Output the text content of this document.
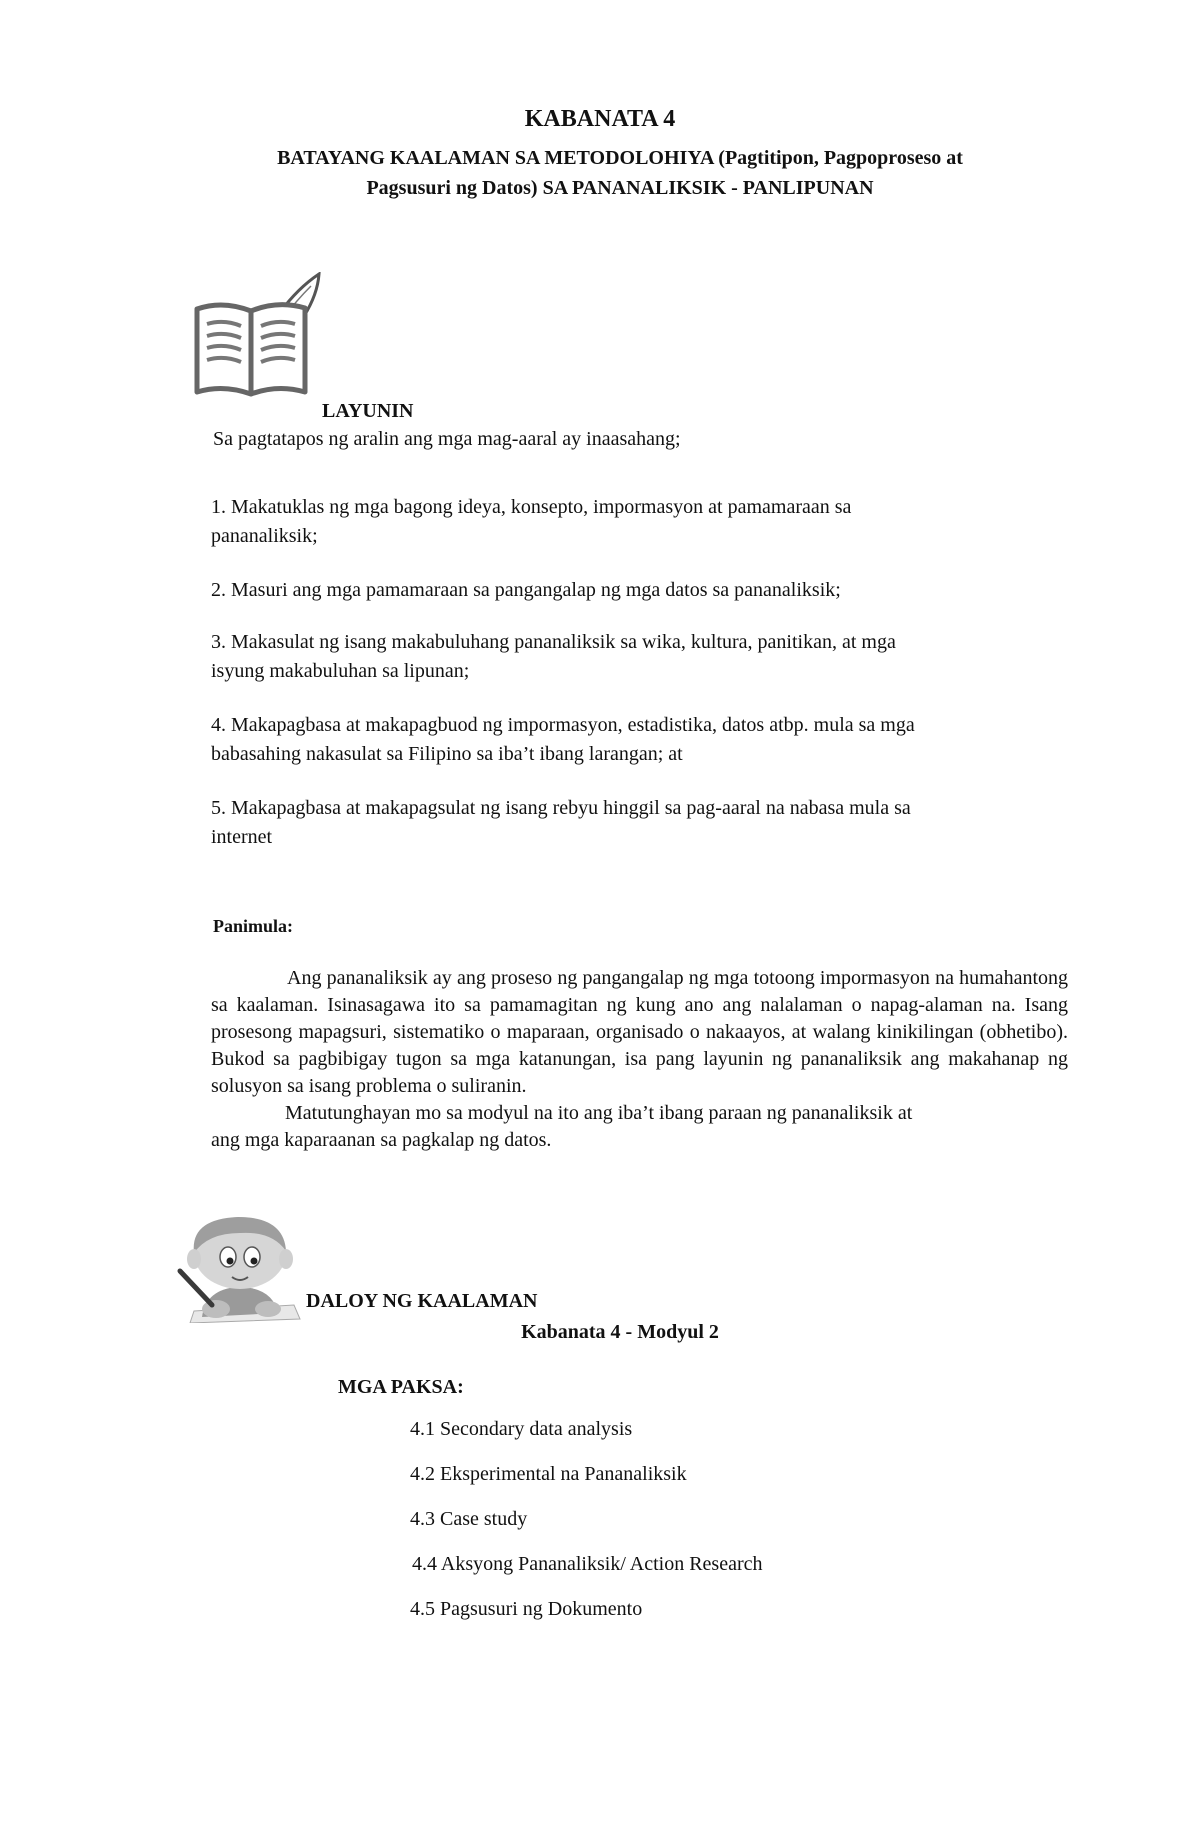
KABANATA 4
BATAYANG KAALAMAN SA METODOLOHIYA (Pagtitipon, Pagpoproseso at
Pagsusuri ng Datos) SA PANANALIKSIK - PANLIPUNAN
LAYUNIN
Sa pagtatapos ng aralin ang mga mag-aaral ay inaasahang;
1. Makatuklas ng mga bagong ideya, konsepto, impormasyon at pamamaraan sa
pananaliksik;
2. Masuri ang mga pamamaraan sa pangangalap ng mga datos sa pananaliksik;
3. Makasulat ng isang makabuluhang pananaliksik sa wika, kultura, panitikan, at mga
isyung makabuluhan sa lipunan;
4. Makapagbasa at makapagbuod ng impormasyon, estadistika, datos atbp. mula sa mga
babasahing nakasulat sa Filipino sa iba’t ibang larangan; at
5. Makapagbasa at makapagsulat ng isang rebyu hinggil sa pag-aaral na nabasa mula sa
internet
Panimula:

Ang pananaliksik ay ang proseso ng pangangalap ng mga totoong impormasyon na humahantong sa kaalaman. Isinasagawa ito sa pamamagitan ng kung ano ang nalalaman o napag-alaman na. Isang prosesong mapagsuri, sistematiko o maparaan, organisado o nakaayos, at walang kinikilingan (obhetibo). Bukod sa pagbibigay tugon sa mga katanungan, isa pang layunin ng pananaliksik ang makahanap ng solusyon sa isang problema o suliranin.

Matutunghayan mo sa modyul na ito ang iba’t ibang paraan ng pananaliksik at

ang mga kaparaanan sa pagkalap ng datos.

DALOY NG KAALAMAN
Kabanata 4 - Modyul 2
MGA PAKSA:
4.1 Secondary data analysis
4.2 Eksperimental na Pananaliksik
4.3 Case study
4.4 Aksyong Pananaliksik/ Action Research
4.5 Pagsusuri ng Dokumento
